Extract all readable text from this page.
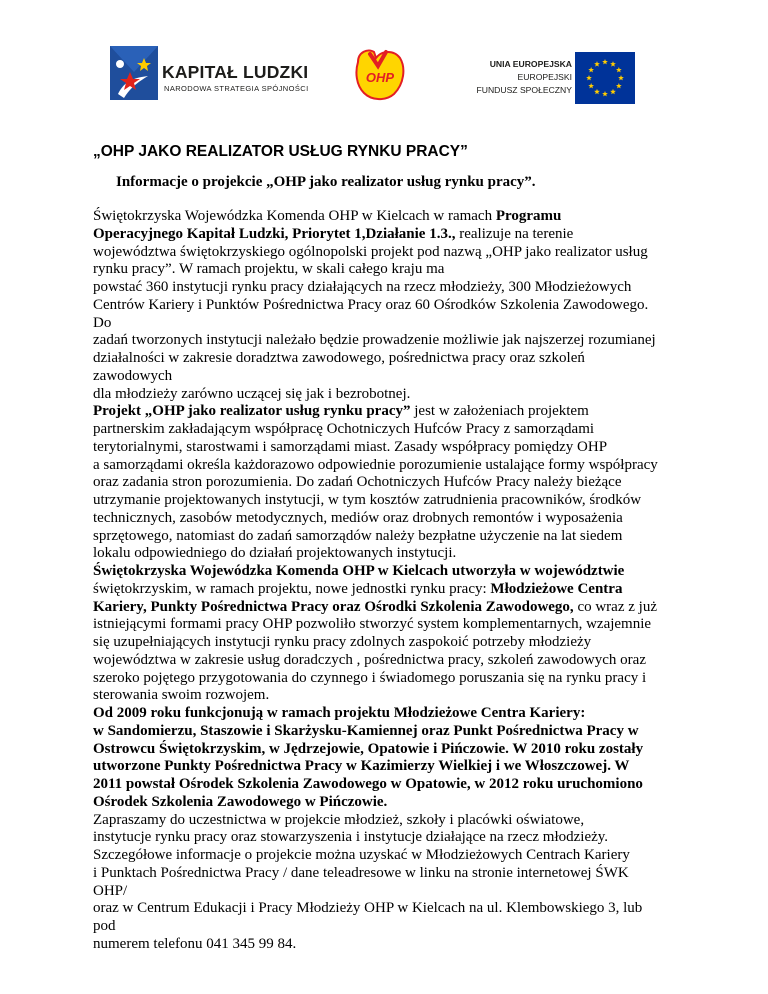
KAPITAŁ LUDZKI
NARODOWA STRATEGIA SPÓJNOŚCI
OHP
UNIA EUROPEJSKA
EUROPEJSKI
FUNDUSZ SPOŁECZNY
„OHP JAKO REALIZATOR USŁUG RYNKU PRACY”
Informacje o projekcie „OHP jako realizator usług rynku pracy”.
Świętokrzyska Wojewódzka Komenda OHP w Kielcach w ramach Programu
Operacyjnego Kapitał Ludzki, Priorytet 1,Działanie 1.3., realizuje na terenie
województwa świętokrzyskiego ogólnopolski projekt pod nazwą „OHP jako realizator usług
rynku pracy”. W ramach projektu, w skali całego kraju ma
powstać 360 instytucji rynku pracy działających na rzecz młodzieży, 300 Młodzieżowych
Centrów Kariery i Punktów Pośrednictwa Pracy oraz 60 Ośrodków Szkolenia Zawodowego.
Do
zadań tworzonych instytucji należało będzie prowadzenie możliwie jak najszerzej rozumianej
działalności w zakresie doradztwa zawodowego, pośrednictwa pracy oraz szkoleń
zawodowych
dla młodzieży zarówno uczącej się jak i bezrobotnej.
Projekt „OHP jako realizator usług rynku pracy” jest w założeniach projektem
partnerskim zakładającym współpracę Ochotniczych Hufców Pracy z samorządami
terytorialnymi, starostwami i samorządami miast. Zasady współpracy pomiędzy OHP
a samorządami określa każdorazowo odpowiednie porozumienie ustalające formy współpracy
oraz zadania stron porozumienia. Do zadań Ochotniczych Hufców Pracy należy bieżące
utrzymanie projektowanych instytucji, w tym kosztów zatrudnienia pracowników, środków
technicznych, zasobów metodycznych, mediów oraz drobnych remontów i wyposażenia
sprzętowego, natomiast do zadań samorządów należy bezpłatne użyczenie na lat siedem
lokalu odpowiedniego do działań projektowanych instytucji.
Świętokrzyska Wojewódzka Komenda OHP w Kielcach utworzyła w województwie
świętokrzyskim, w ramach projektu, nowe jednostki rynku pracy: Młodzieżowe Centra
Kariery, Punkty Pośrednictwa Pracy oraz Ośrodki Szkolenia Zawodowego, co wraz z już
istniejącymi formami pracy OHP pozwoliło stworzyć system komplementarnych, wzajemnie
się uzupełniających instytucji rynku pracy zdolnych zaspokoić potrzeby młodzieży
województwa w zakresie usług doradczych , pośrednictwa pracy, szkoleń zawodowych oraz
szeroko pojętego przygotowania do czynnego i świadomego poruszania się na rynku pracy i
sterowania swoim rozwojem.
Od 2009 roku funkcjonują w ramach projektu Młodzieżowe Centra Kariery:
w Sandomierzu, Staszowie i Skarżysku-Kamiennej oraz Punkt Pośrednictwa Pracy w
Ostrowcu Świętokrzyskim, w Jędrzejowie, Opatowie i Pińczowie. W 2010 roku zostały
utworzone Punkty Pośrednictwa Pracy w Kazimierzy Wielkiej i we Włoszczowej. W
2011 powstał Ośrodek Szkolenia Zawodowego w Opatowie, w 2012 roku uruchomiono
Ośrodek Szkolenia Zawodowego w Pińczowie.
Zapraszamy do uczestnictwa w projekcie młodzież, szkoły i placówki oświatowe,
instytucje rynku pracy oraz stowarzyszenia i instytucje działające na rzecz młodzieży.
Szczegółowe informacje o projekcie można uzyskać w Młodzieżowych Centrach Kariery
i Punktach Pośrednictwa Pracy / dane teleadresowe w linku na stronie internetowej ŚWK
OHP/
oraz w Centrum Edukacji i Pracy Młodzieży OHP w Kielcach na ul. Klembowskiego 3, lub
pod
numerem telefonu 041 345 99 84.
